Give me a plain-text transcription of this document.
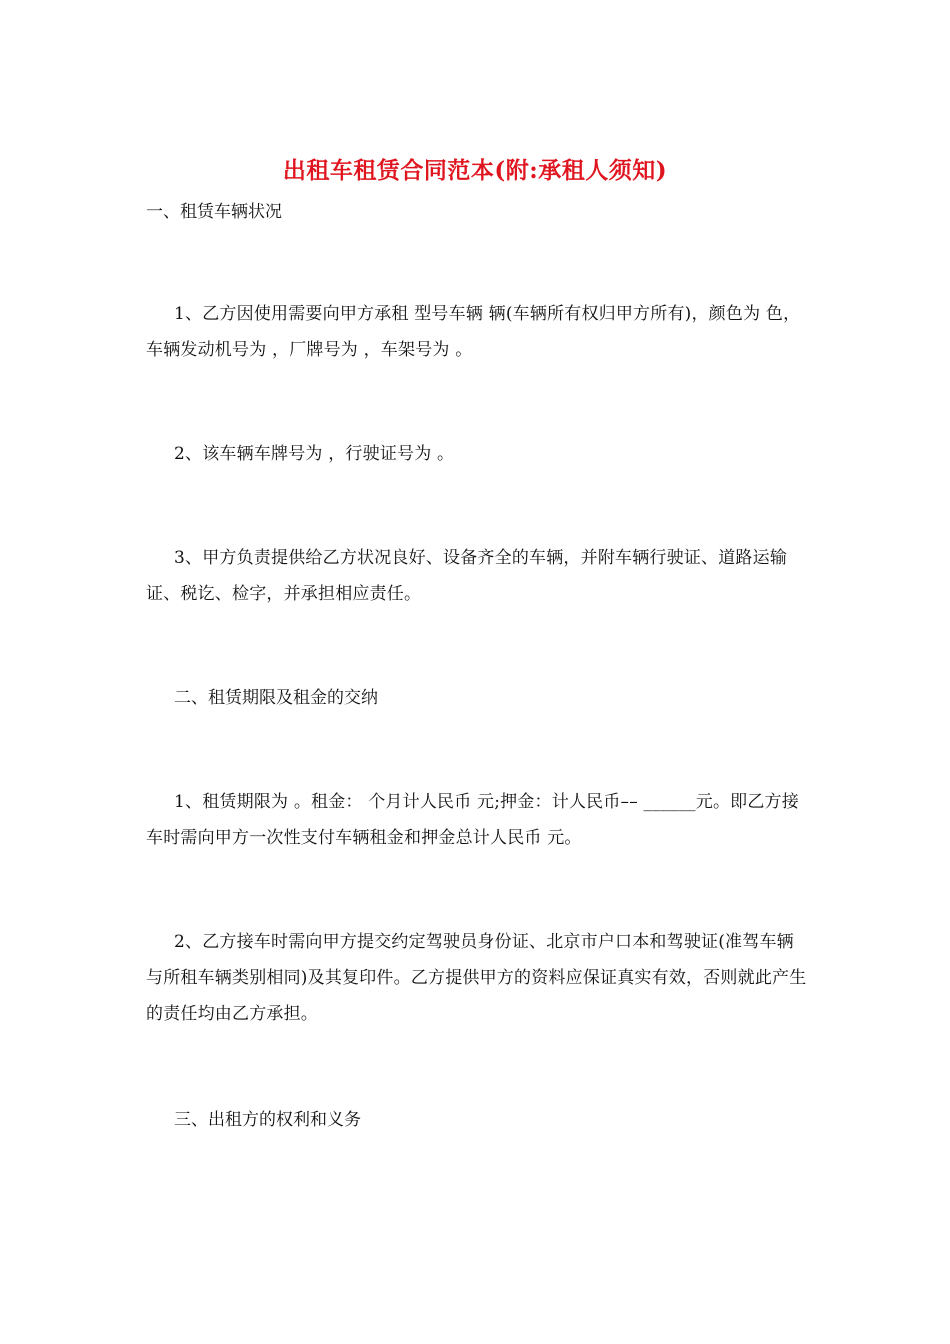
出租车租赁合同范本(附:承租人须知)
一、租赁车辆状况

1、乙方因使用需要向甲方承租 型号车辆 辆(车辆所有权归甲方所有)，颜色为 色，车辆发动机号为 ，厂牌号为 ，车架号为 。

2、该车辆车牌号为 ，行驶证号为 。

3、甲方负责提供给乙方状况良好、设备齐全的车辆，并附车辆行驶证、道路运输证、税讫、检字，并承担相应责任。

二、租赁期限及租金的交纳

1、租赁期限为 。租金： 个月计人民币 元;押金：计人民币–– ______元。即乙方接车时需向甲方一次性支付车辆租金和押金总计人民币 元。

2、乙方接车时需向甲方提交约定驾驶员身份证、北京市户口本和驾驶证(准驾车辆与所租车辆类别相同)及其复印件。乙方提供甲方的资料应保证真实有效，否则就此产生的责任均由乙方承担。

三、出租方的权利和义务
